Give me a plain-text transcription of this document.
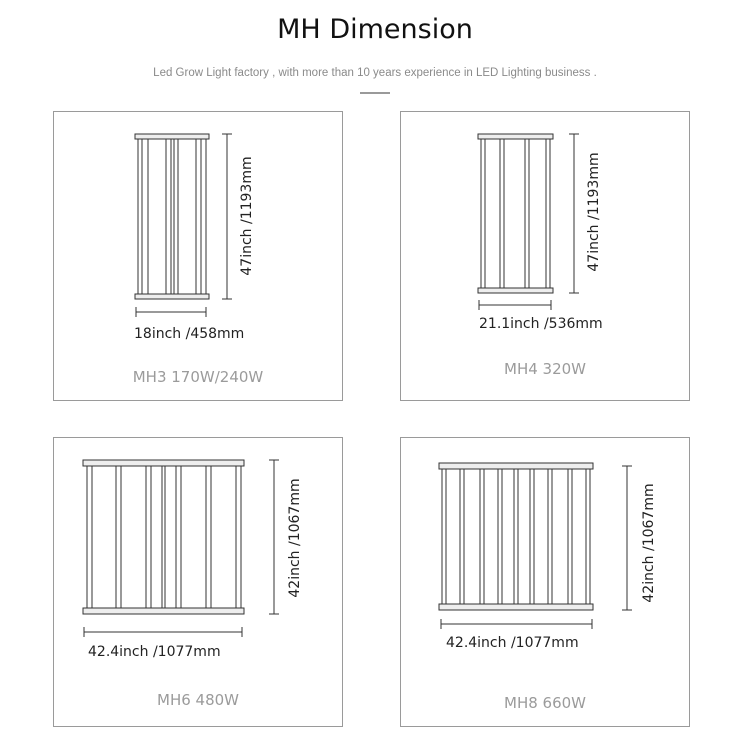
MH Dimension
Led Grow Light factory , with more than 10 years experience in LED Lighting business .
18inch /458mm
47inch /1193mm
MH3 170W/240W
21.1inch /536mm
47inch /1193mm
MH4 320W
42.4inch /1077mm
42inch /1067mm
MH6 480W
42.4inch /1077mm
42inch /1067mm
MH8 660W
